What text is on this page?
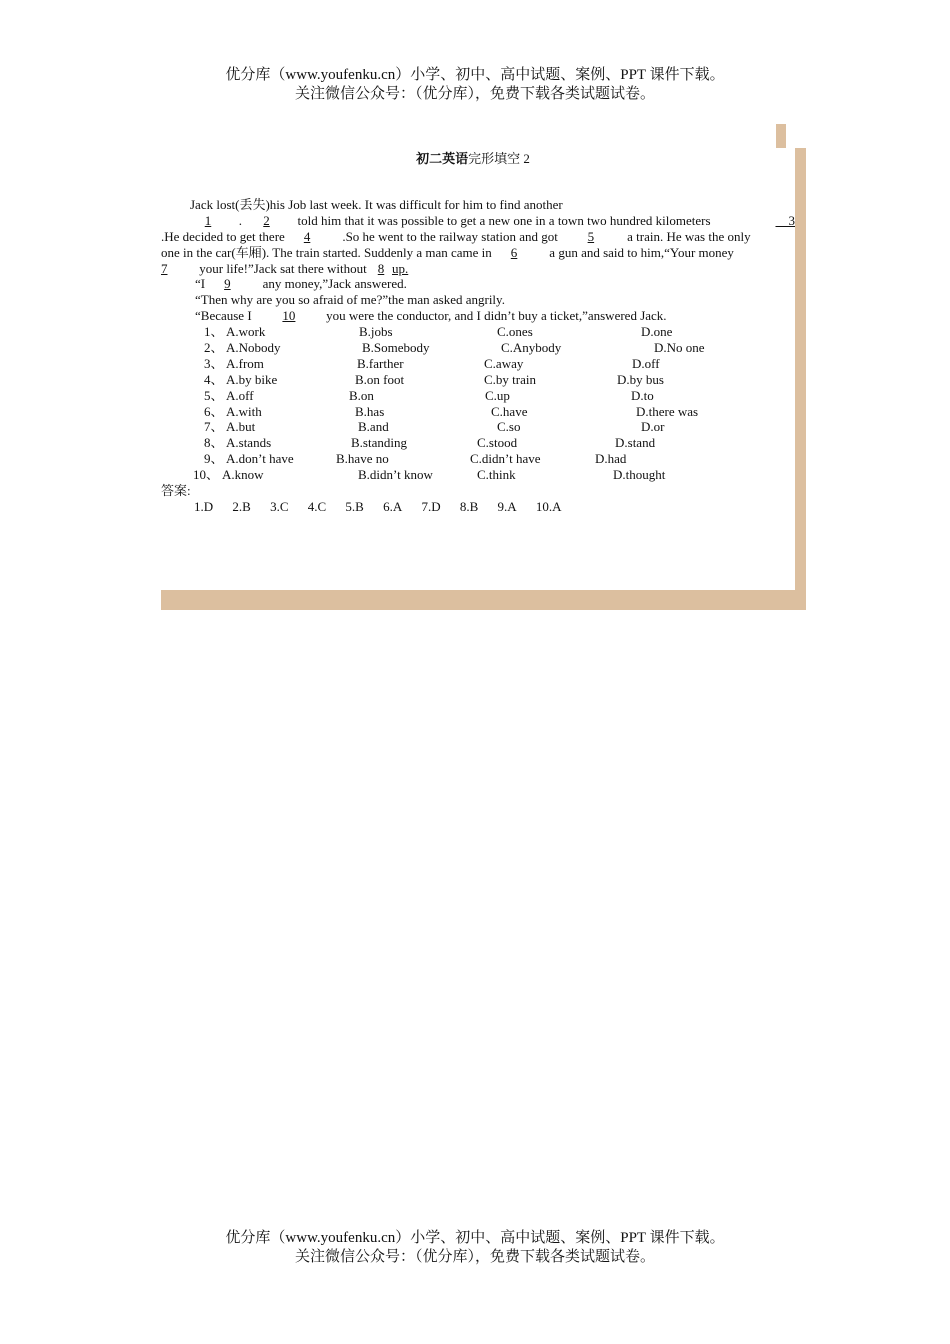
优分库（www.youfenku.cn）小学、初中、高中试题、案例、PPT 课件下载。
关注微信公众号：（优分库），免费下载各类试题试卷。
初二英语完形填空 2
Jack lost(丢失)his Job last week. It was difficult for him to find another
1 .  2 told him that it was possible to get a new one in a town two hundred kilometers	3
.He decided to get there 4 .So he went to the railway station and got 5	a train. He was the only
one in the car(车厢). The train started. Suddenly a man came in 6 a gun and said to him,“Your money
7 your life!”Jack sat there without 8 up.
“I 9 any money,”Jack answered.
“Then why are you so afraid of me?”the man asked angrily.
“Because I 10 you were the conductor, and I didn’t buy a ticket,”answered Jack.
1、 A.work	B.jobs	C.ones	D.one
2、 A.Nobody	B.Somebody	C.Anybody	D.No one
3、 A.from	B.farther	C.away	D.off
4、 A.by bike	B.on foot	C.by train	D.by bus
5、 A.off	B.on	C.up	D.to
6、 A.with	B.has	C.have	D.there was
7、 A.but	B.and	C.so	D.or
8、 A.stands	B.standing	C.stood	D.stand
9、 A.don’t have	B.have no	C.didn’t have	D.had
10、 A.know	B.didn’t know	C.think	D.thought
答案:
1.D 2.B 3.C 4.C 5.B 6.A 7.D 8.B 9.A 10.A
优分库（www.youfenku.cn）小学、初中、高中试题、案例、PPT 课件下载。
关注微信公众号：（优分库），免费下载各类试题试卷。
